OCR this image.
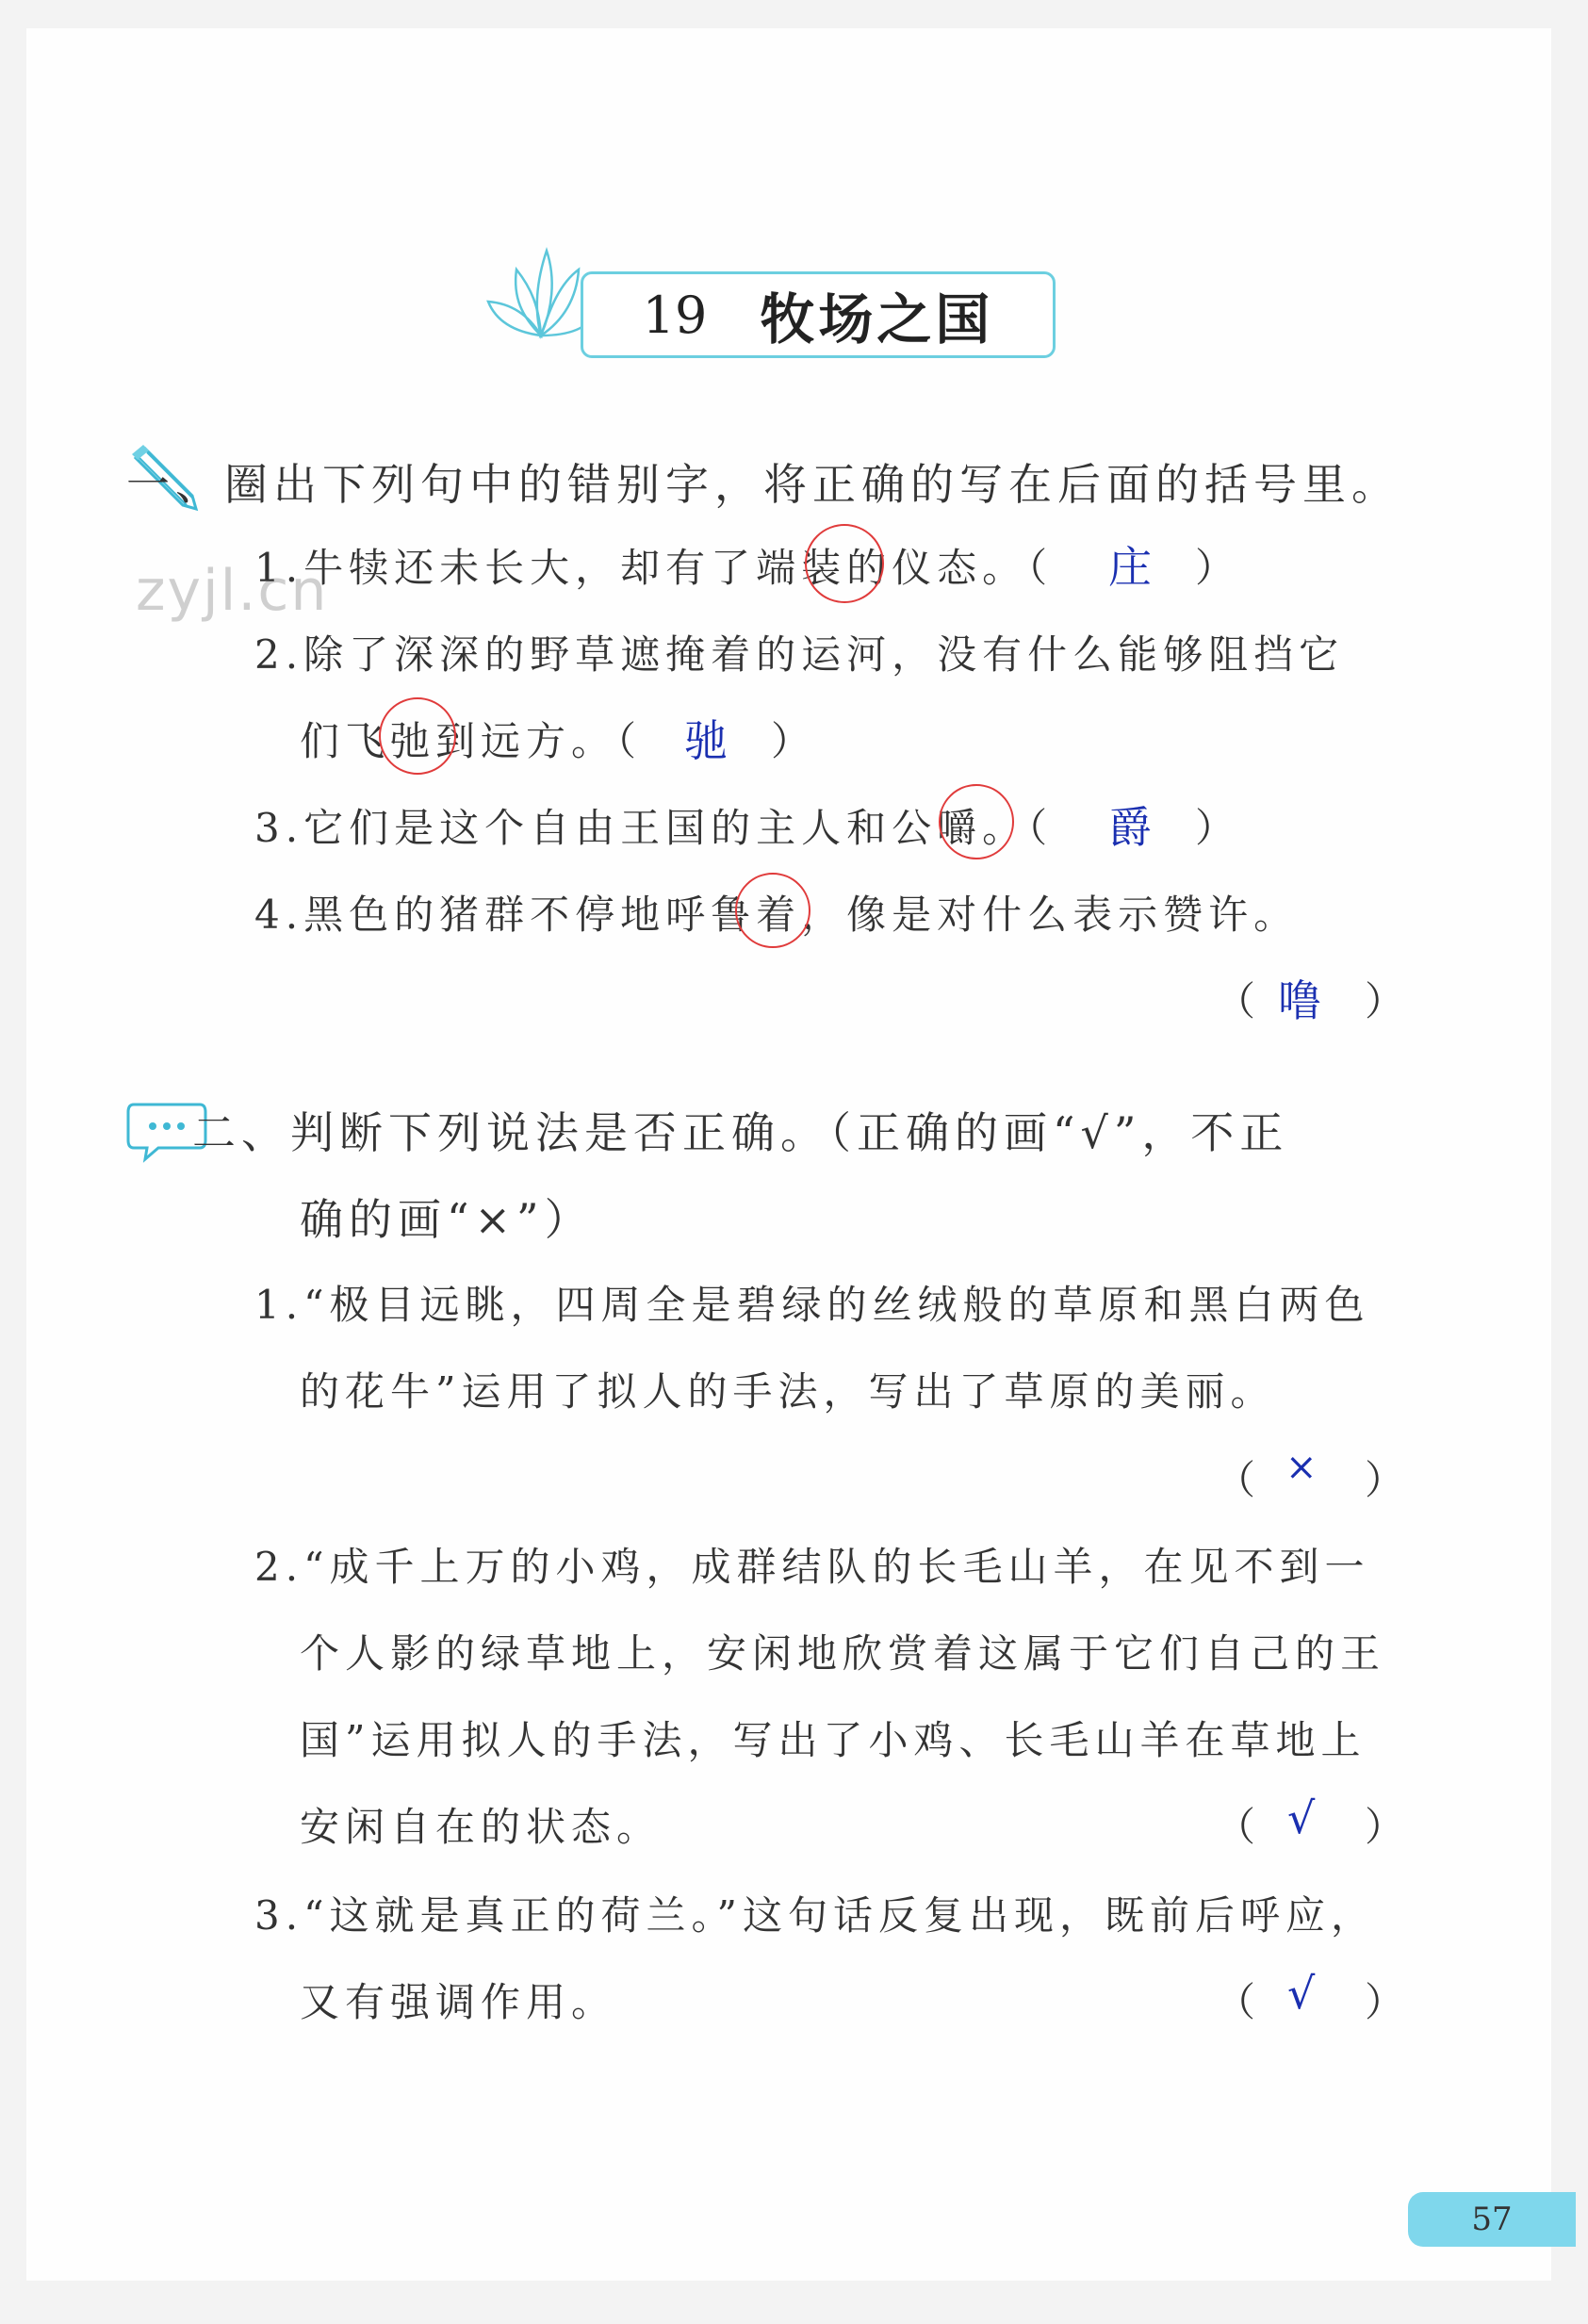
19 牧场之国
一、圈出下列句中的错别字，将正确的写在后面的括号里。
zyjl.cn
1.牛犊还未长大，却有了端装的仪态。（ 庄 ）
2.除了深深的野草遮掩着的运河，没有什么能够阻挡它
们飞弛到远方。（ 驰 ）
3.它们是这个自由王国的主人和公嚼。（ 爵 ）
4.黑色的猪群不停地呼鲁着，像是对什么表示赞许。
（ 噜 ）
二、判断下列说法是否正确。（正确的画“√”，不正
确的画“×”）
1.“极目远眺，四周全是碧绿的丝绒般的草原和黑白两色
的花牛”运用了拟人的手法，写出了草原的美丽。
（ × ）
2.“成千上万的小鸡，成群结队的长毛山羊，在见不到一
个人影的绿草地上，安闲地欣赏着这属于它们自己的王
国”运用拟人的手法，写出了小鸡、长毛山羊在草地上
安闲自在的状态。	（ √ ）
3.“这就是真正的荷兰。”这句话反复出现，既前后呼应，
又有强调作用。	（ √ ）
57
